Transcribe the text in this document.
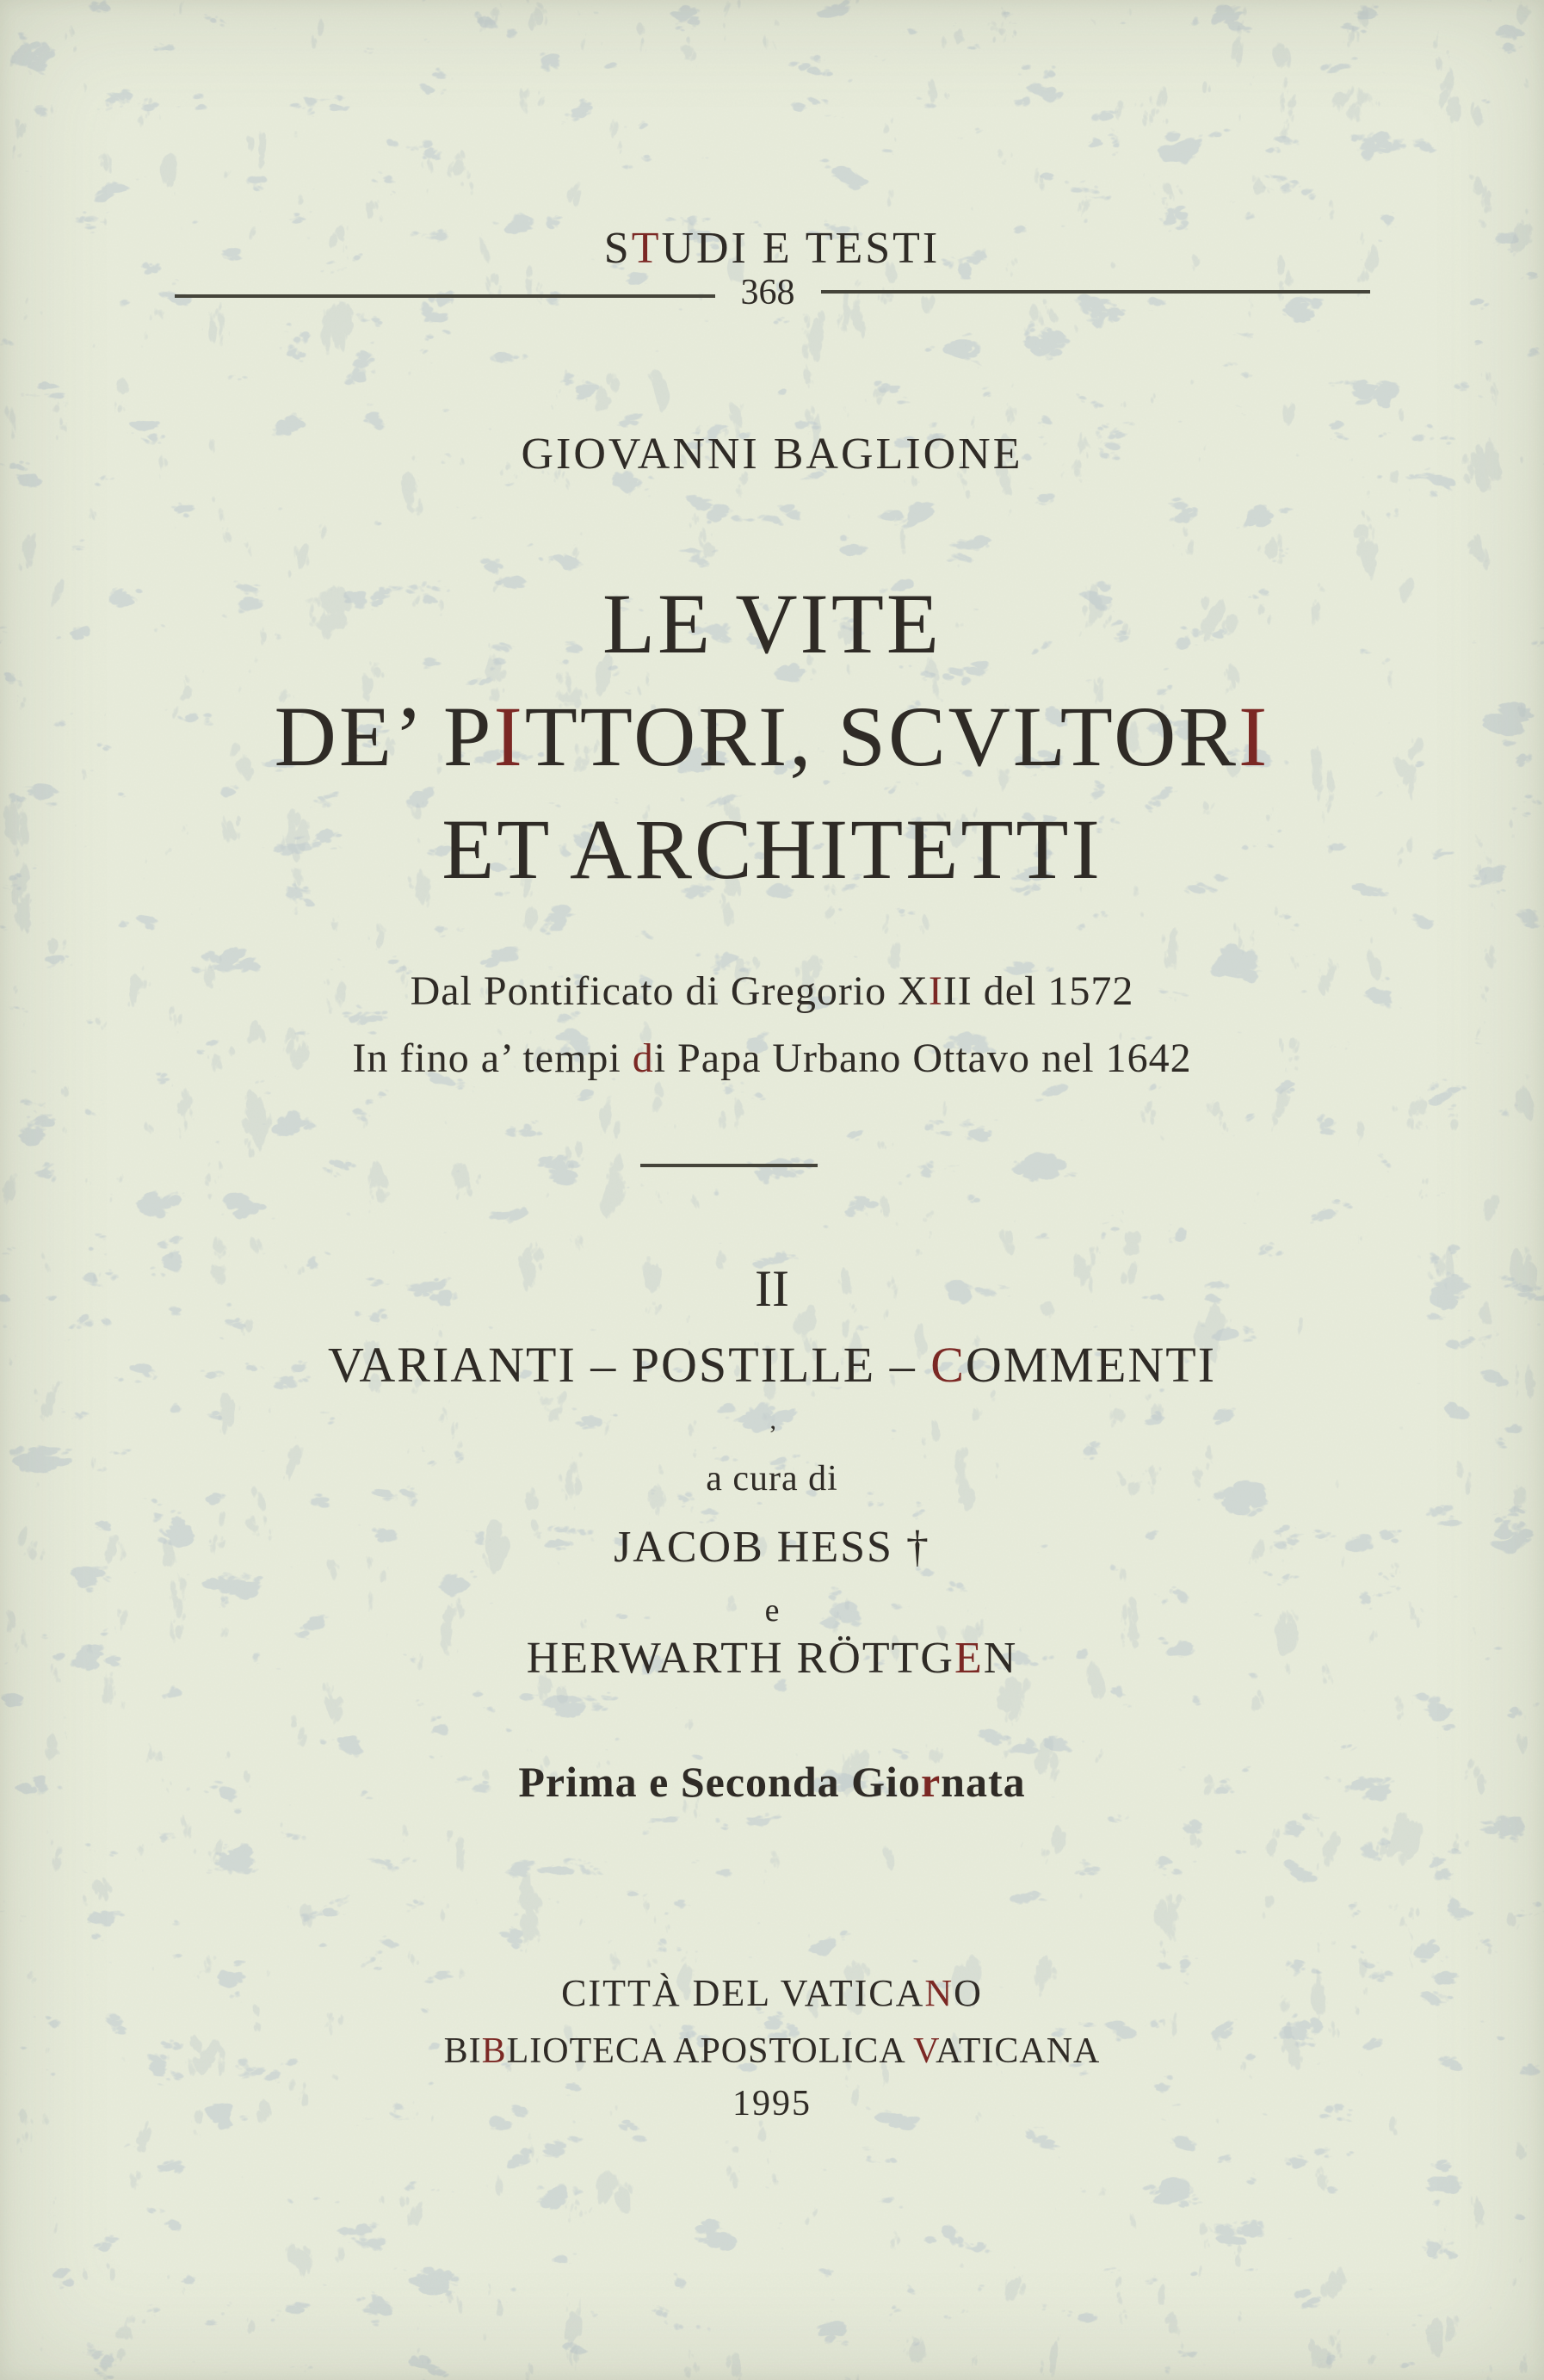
STUDI E TESTI
368
GIOVANNI BAGLIONE
LE VITE
DE’ PITTORI, SCVLTORI
ET ARCHITETTI
Dal Pontificato di Gregorio XIII del 1572
In fino a’ tempi di Papa Urbano Ottavo nel 1642
II
VARIANTI – POSTILLE – COMMENTI
’
a cura di
JACOB HESS †
e
HERWARTH RÖTTGEN
Prima e Seconda Giornata
CITTÀ DEL VATICANO
BIBLIOTECA APOSTOLICA VATICANA
1995
